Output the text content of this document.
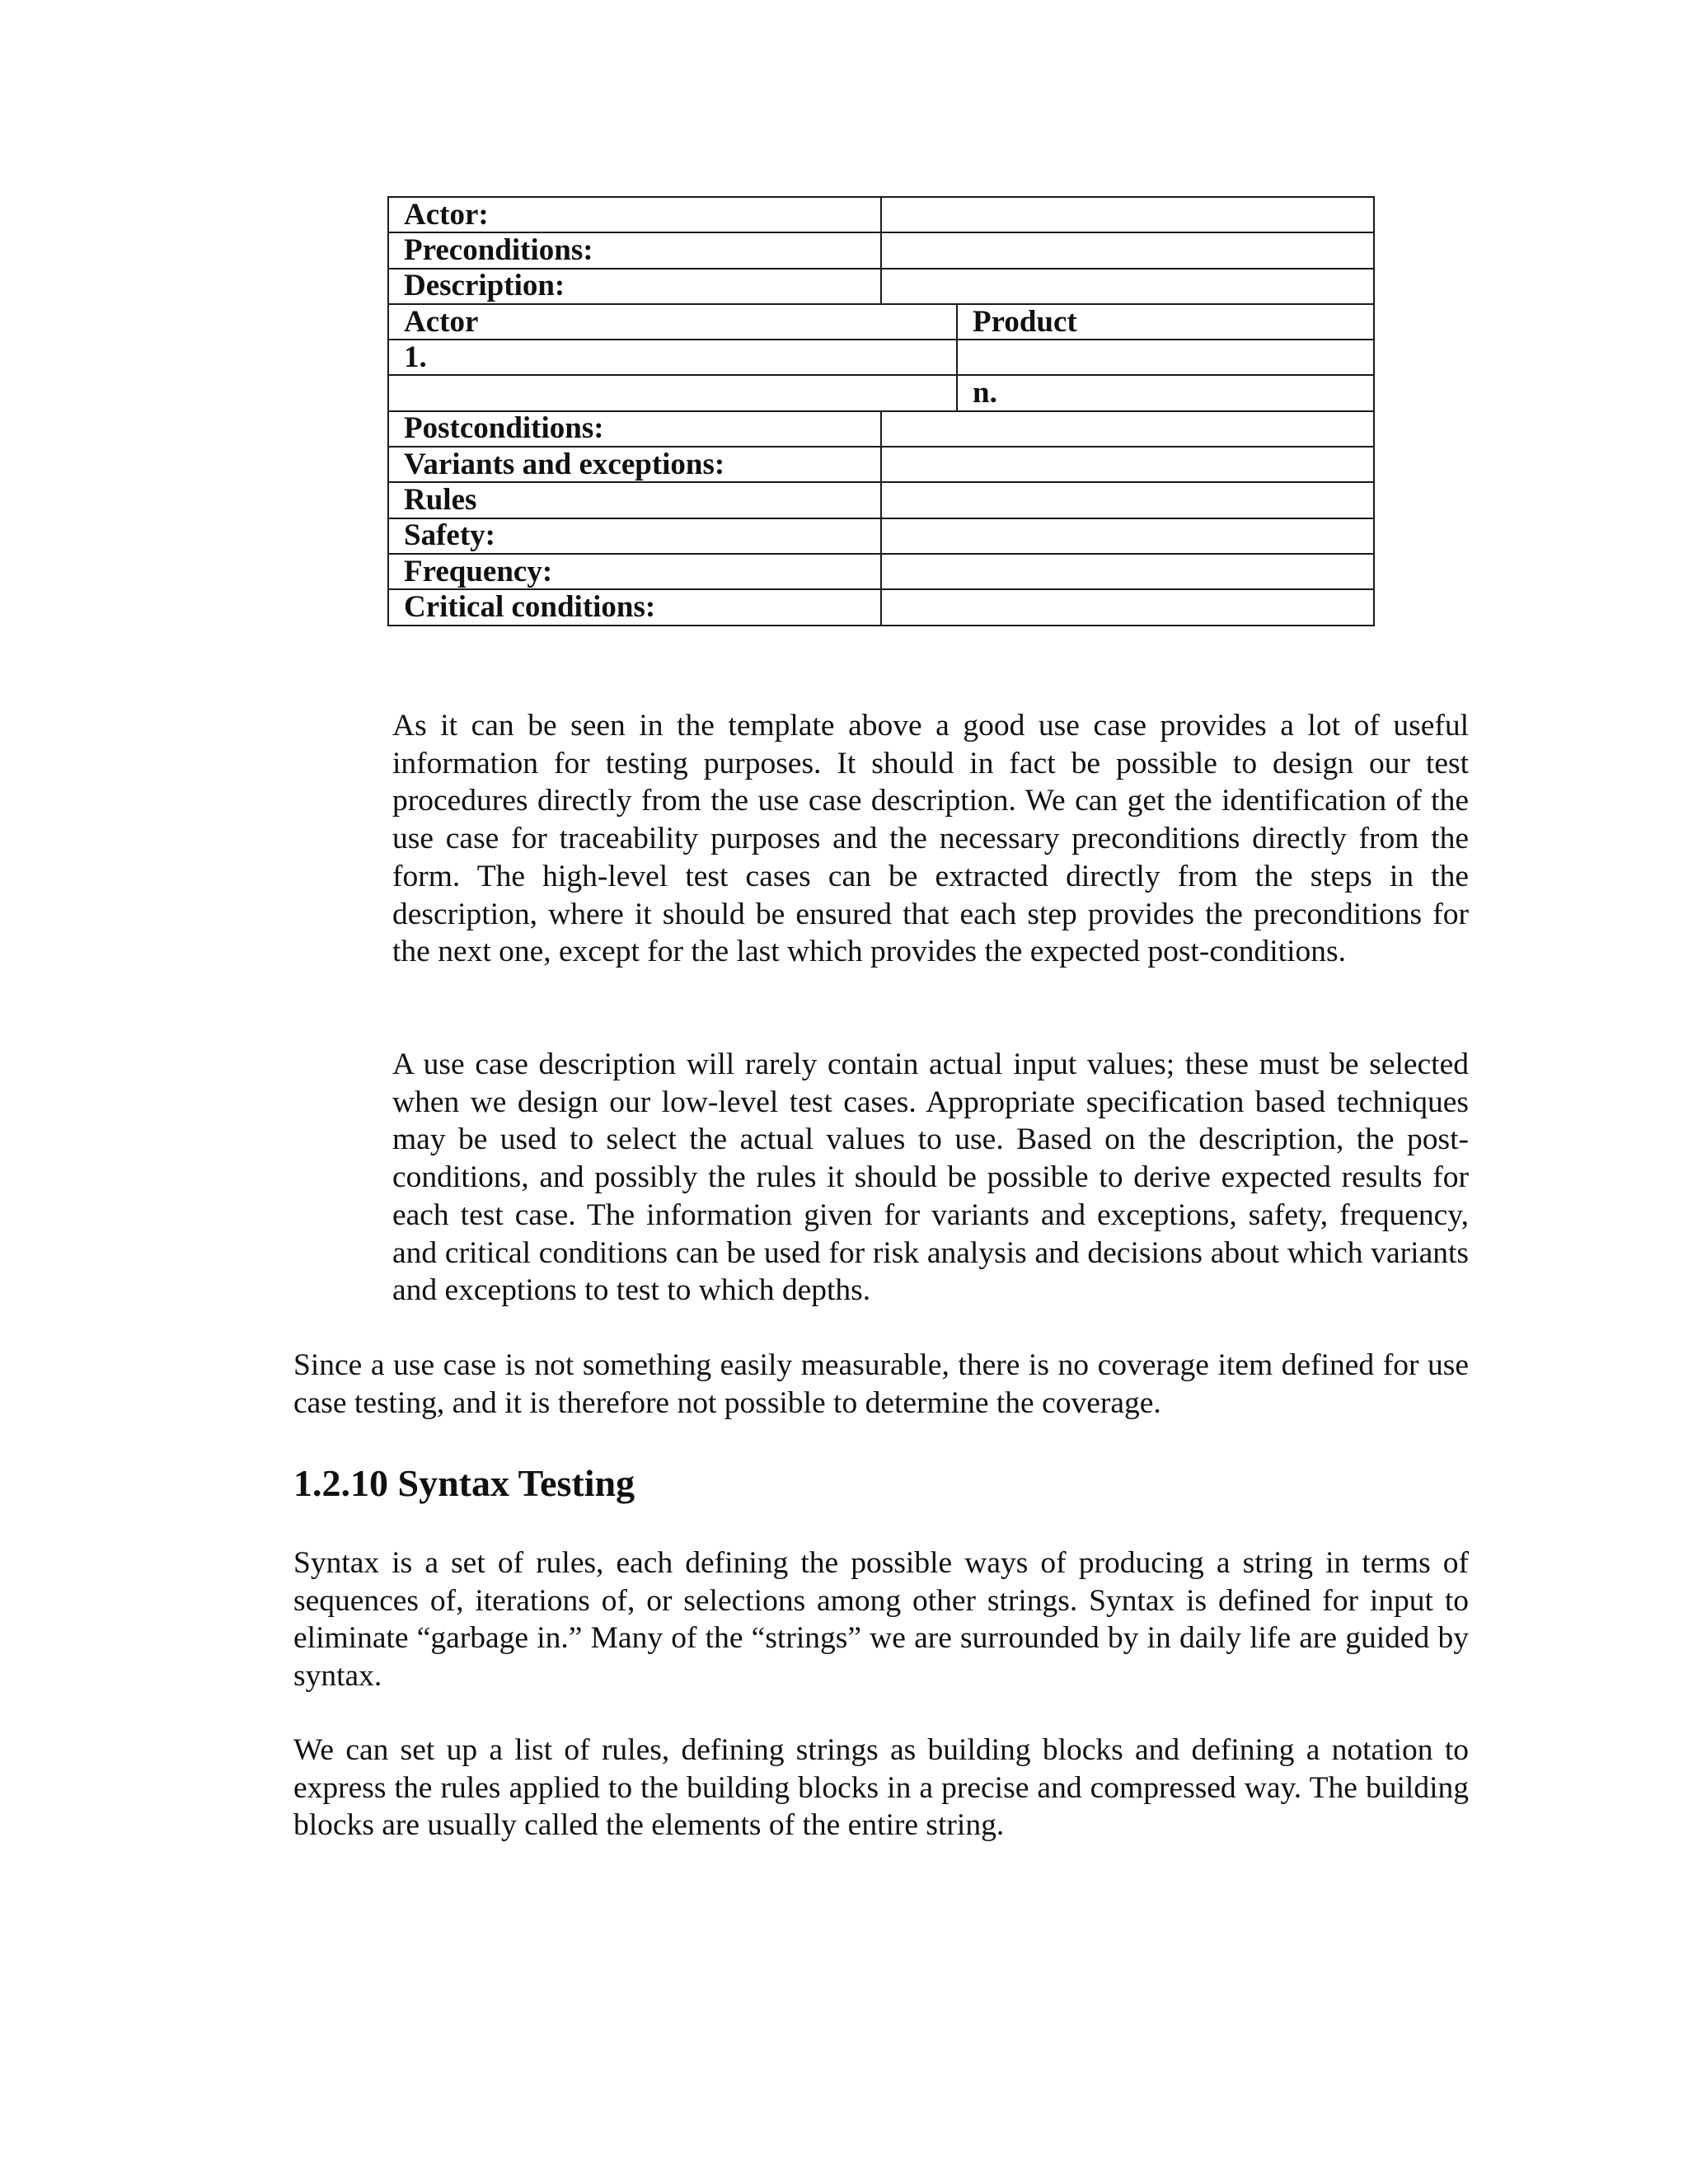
Actor:		
Preconditions:		
Description:		
Actor		Product
1.		
		n.
Postconditions:		
Variants and exceptions:		
Rules		
Safety:		
Frequency:		
Critical conditions:		

As it can be seen in the template above a good use case provides a lot of useful information for testing purposes. It should in fact be possible to design our test procedures directly from the use case description. We can get the identification of the use case for traceability purposes and the necessary preconditions directly from the form. The high-level test cases can be extracted directly from the steps in the description, where it should be ensured that each step provides the preconditions for the next one, except for the last which provides the expected post-conditions.

A use case description will rarely contain actual input values; these must be selected when we design our low-level test cases. Appropriate specification based techniques may be used to select the actual values to use. Based on the description, the post-conditions, and possibly the rules it should be possible to derive expected results for each test case. The information given for variants and exceptions, safety, frequency, and critical conditions can be used for risk analysis and decisions about which variants and exceptions to test to which depths.

Since a use case is not something easily measurable, there is no coverage item defined for use case testing, and it is therefore not possible to determine the coverage.

1.2.10 Syntax Testing

Syntax is a set of rules, each defining the possible ways of producing a string in terms of sequences of, iterations of, or selections among other strings. Syntax is defined for input to eliminate “garbage in.” Many of the “strings” we are surrounded by in daily life are guided by syntax.

We can set up a list of rules, defining strings as building blocks and defining a notation to express the rules applied to the building blocks in a precise and compressed way. The building blocks are usually called the elements of the entire string.
